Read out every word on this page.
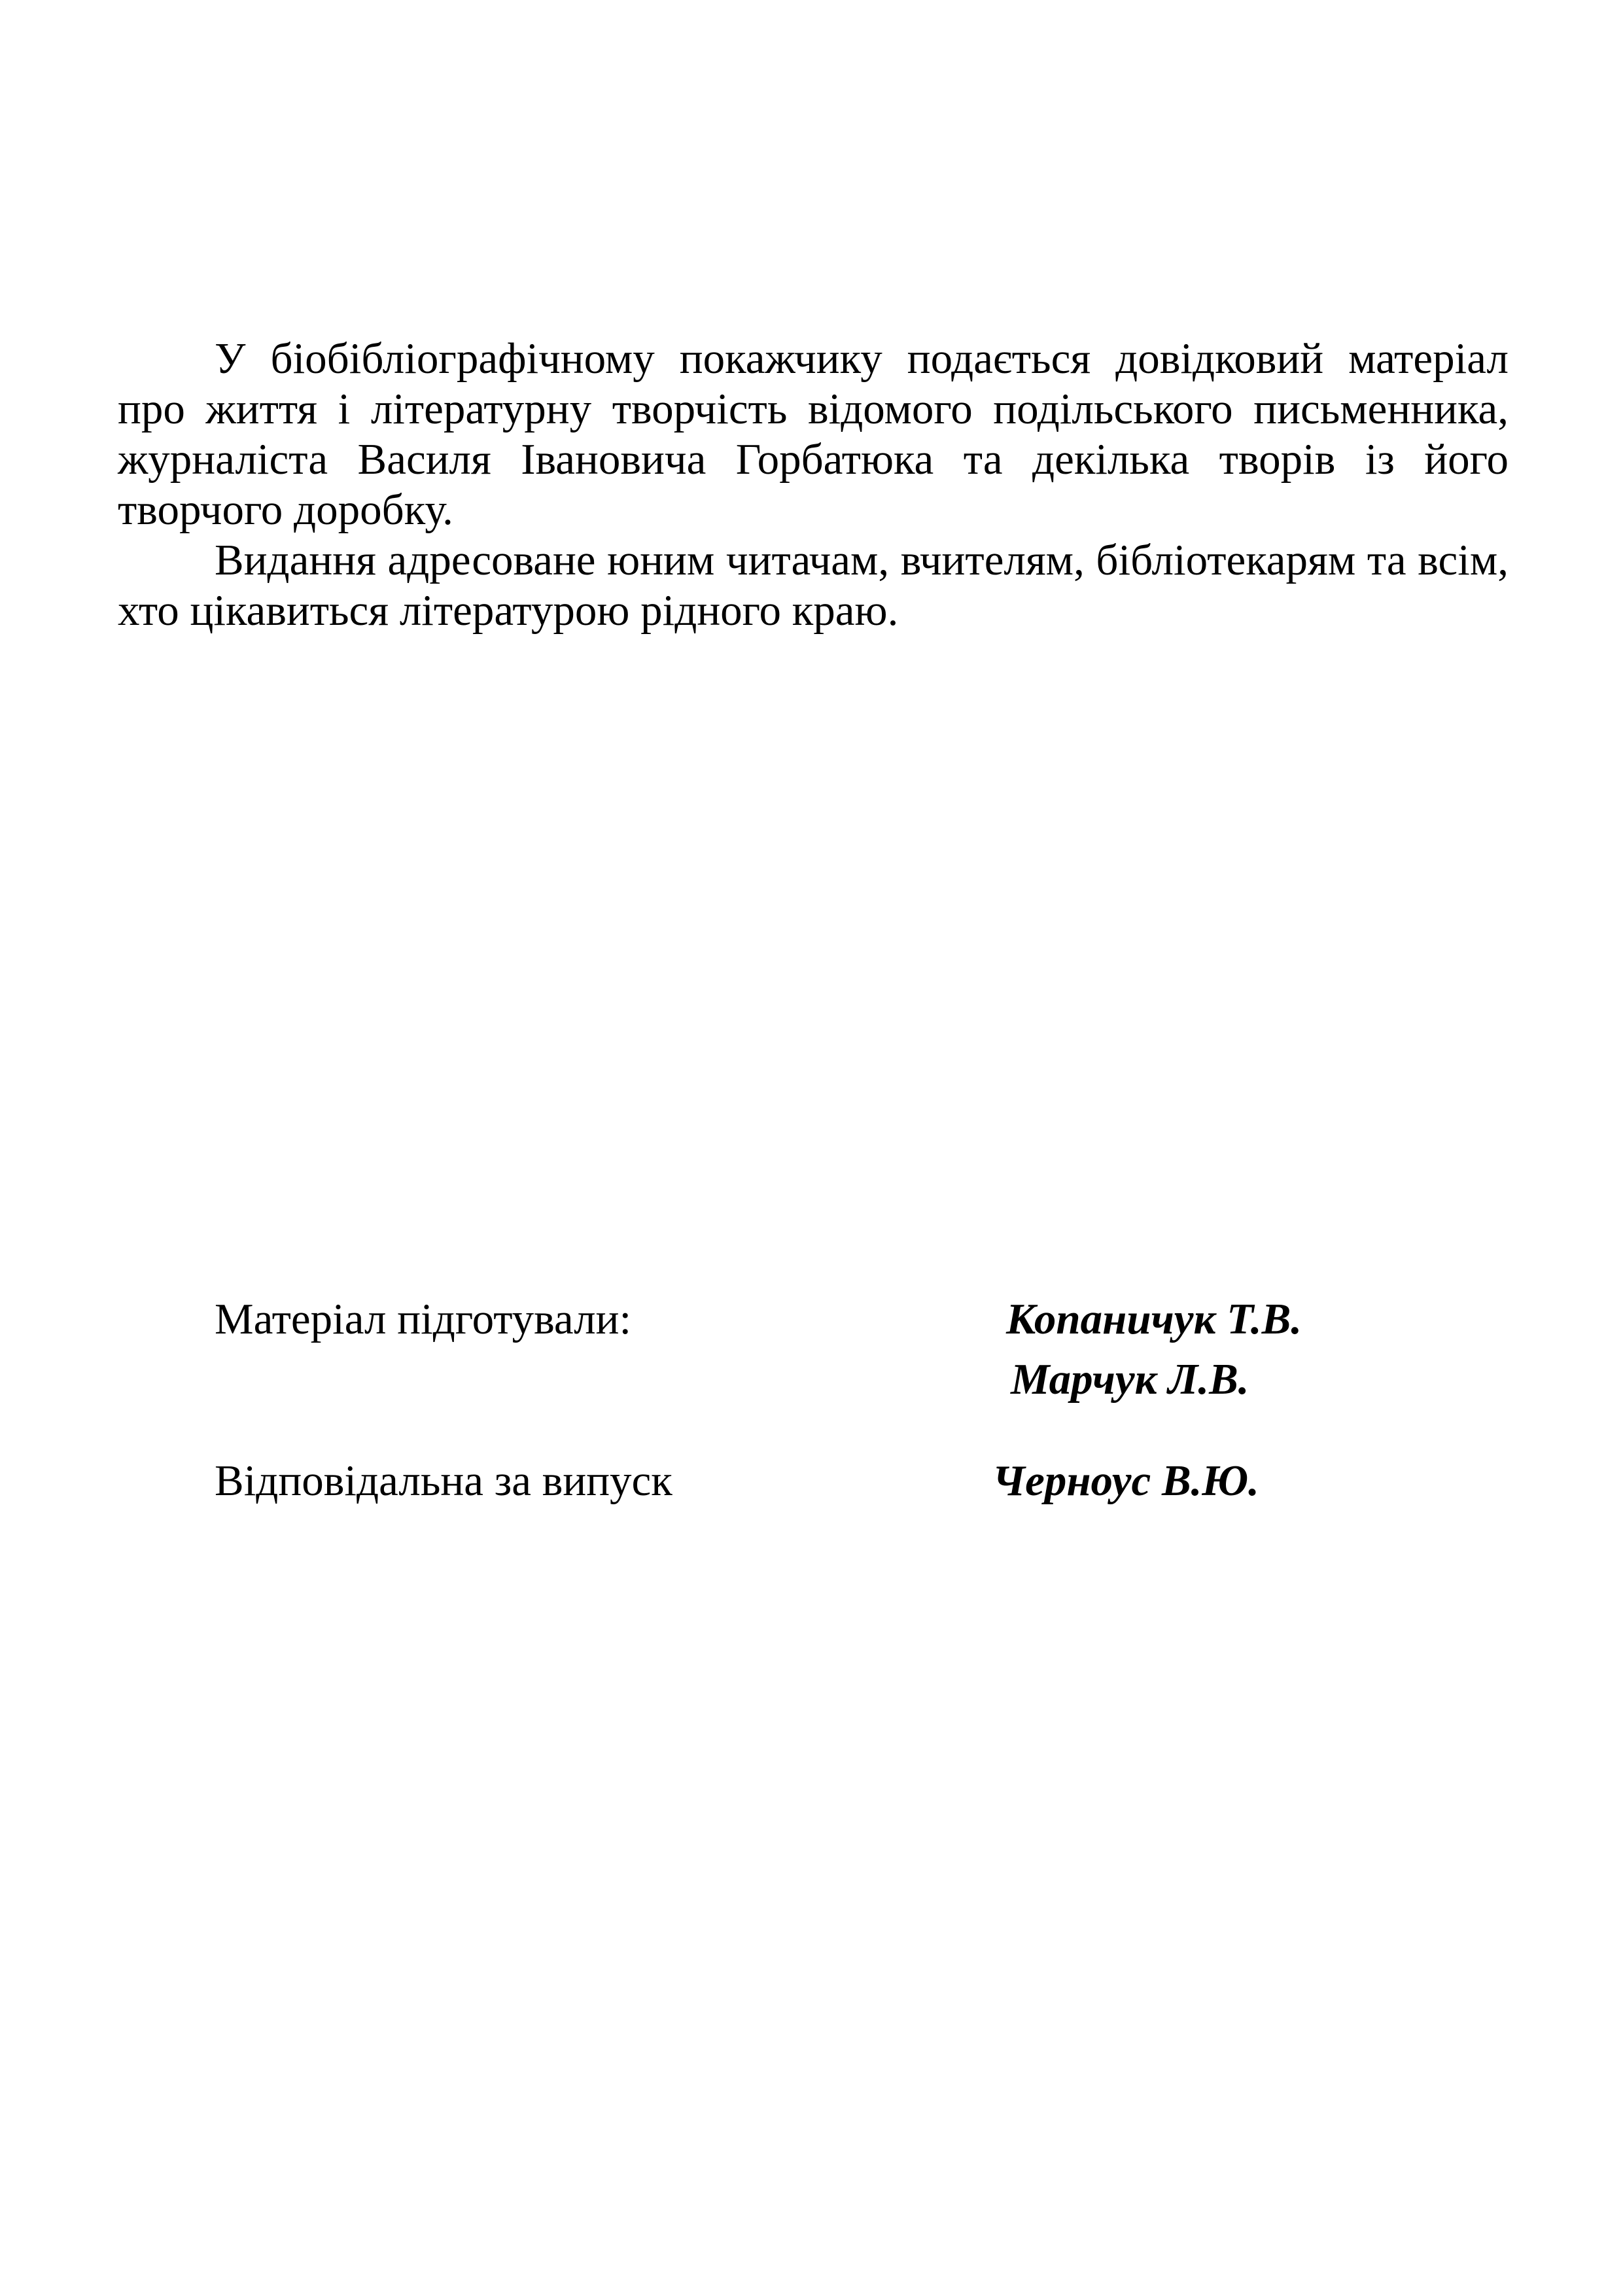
У біобібліографічному покажчику подається довідковий матеріал про життя і літературну творчість відомого подільського письменника, журналіста Василя Івановича Горбатюка та декілька творів із його творчого доробку.

Видання адресоване юним читачам, вчителям, бібліотекарям та всім, хто цікавиться літературою рідного краю.

Матеріал підготували:	Копаничук Т.В.
Марчук Л.В.
Відповідальна за випуск	Черноус В.Ю.
